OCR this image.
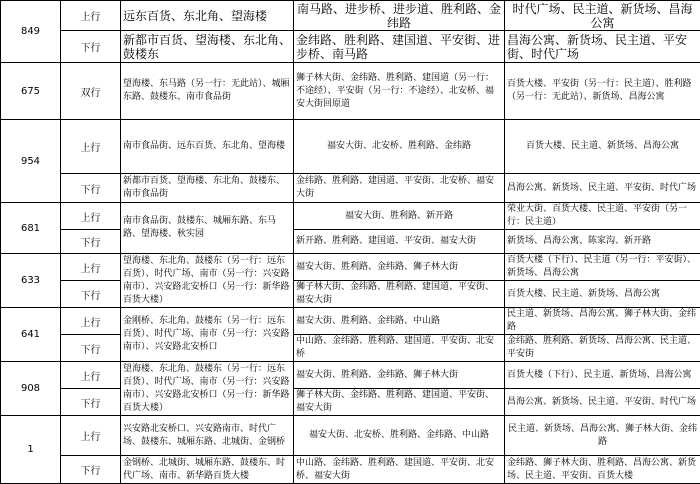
849	上行	远东百货、东北角、望海楼	南马路、进步桥、进步道、胜利路、金纬路	时代广场、民主道、新货场、昌海公寓
	下行	新都市百货、望海楼、东北角、鼓楼东	金纬路、胜利路、建国道、平安街、进步桥、南马路	昌海公寓、新货场、民主道、平安街、时代广场
675	双行	望海楼、东马路（另一行：无此站）、城厢东路、鼓楼东、南市食品街	狮子林大街、金纬路、胜利路、建国道（另一行：不途经）、平安街（另一行：不途经）、北安桥、福安大街回原道	百货大楼、平安街（另一行：民主道）、胜利路（另一行：无此站）、新货场、昌海公寓
954	上行	南市食品街、远东百货、东北角、望海楼	福安大街、北安桥、胜利路、金纬路	百货大楼、民主道、新货场、昌海公寓
	下行	新都市百货、望海楼、东北角、鼓楼东、南市食品街	金纬路、胜利路、建国道、平安街、北安桥、福安大街	昌海公寓、新货场、民主道、平安街、时代广场
681	上行	南市食品街、鼓楼东、城厢东路、东马路、望海楼、秋实园	福安大街、胜利路、新开路	荣业大街、百货大楼、民主道、平安街（另一行：民主道）
	下行		新开路、胜利路、建国道、平安街、福安大街	新货场、昌海公寓、陈家沟、新开路
633	上行	望海楼、东北角、鼓楼东（另一行：远东百货）、时代广场、南市（另一行：兴安路南市）、兴安路北安桥口（另一行：新华路百货大楼）	福安大街、胜利路、金纬路、狮子林大街	百货大楼（下行）、民主道（另一行：平安街）、新货场、昌海公寓
	下行		狮子林大街、金纬路、胜利路、建国道、平安街、福安大街	百货大楼、民主道、新货场、昌海公寓
641	上行	金刚桥、东北角、鼓楼东（另一行：远东百货）、时代广场、南市（另一行：兴安路南市）、兴安路北安桥口	福安大街、胜利路、金纬路、中山路	民主道、新货场、昌海公寓、狮子林大街、金纬路
	下行		中山路、金纬路、胜利路、建国道、平安街、北安桥	金纬路、胜利路、新货场、昌海公寓、民主道、平安街
908	上行	望海楼、东北角、鼓楼东（另一行：远东百货）、时代广场、南市（另一行：兴安路南市）、兴安路北安桥口（另一行：新华路百货大楼）	福安大街、胜利路、金纬路、狮子林大街	百货大楼（下行）、民主道、新货场、昌海公寓
	下行		狮子林大街、金纬路、胜利路、建国道、平安街、福安大街	昌海公寓、新货场、民主道、平安街、时代广场
1	上行	兴安路北安桥口、兴安路南市、时代广场、鼓楼东、城厢东路、北城街、金钢桥	福安大街、北安桥、胜利路、金纬路、中山路	民主道、新货场、昌海公寓、狮子林大街、金纬路
	下行	金钢桥、北城街、城厢东路、鼓楼东、时代广场、南市、新华路百货大楼	中山路、金纬路、胜利路、建国道、平安街、北安桥、福安大街	金纬路、狮子林大街、胜利路、昌海公寓、新货场、民主道、平安街、百货大楼
